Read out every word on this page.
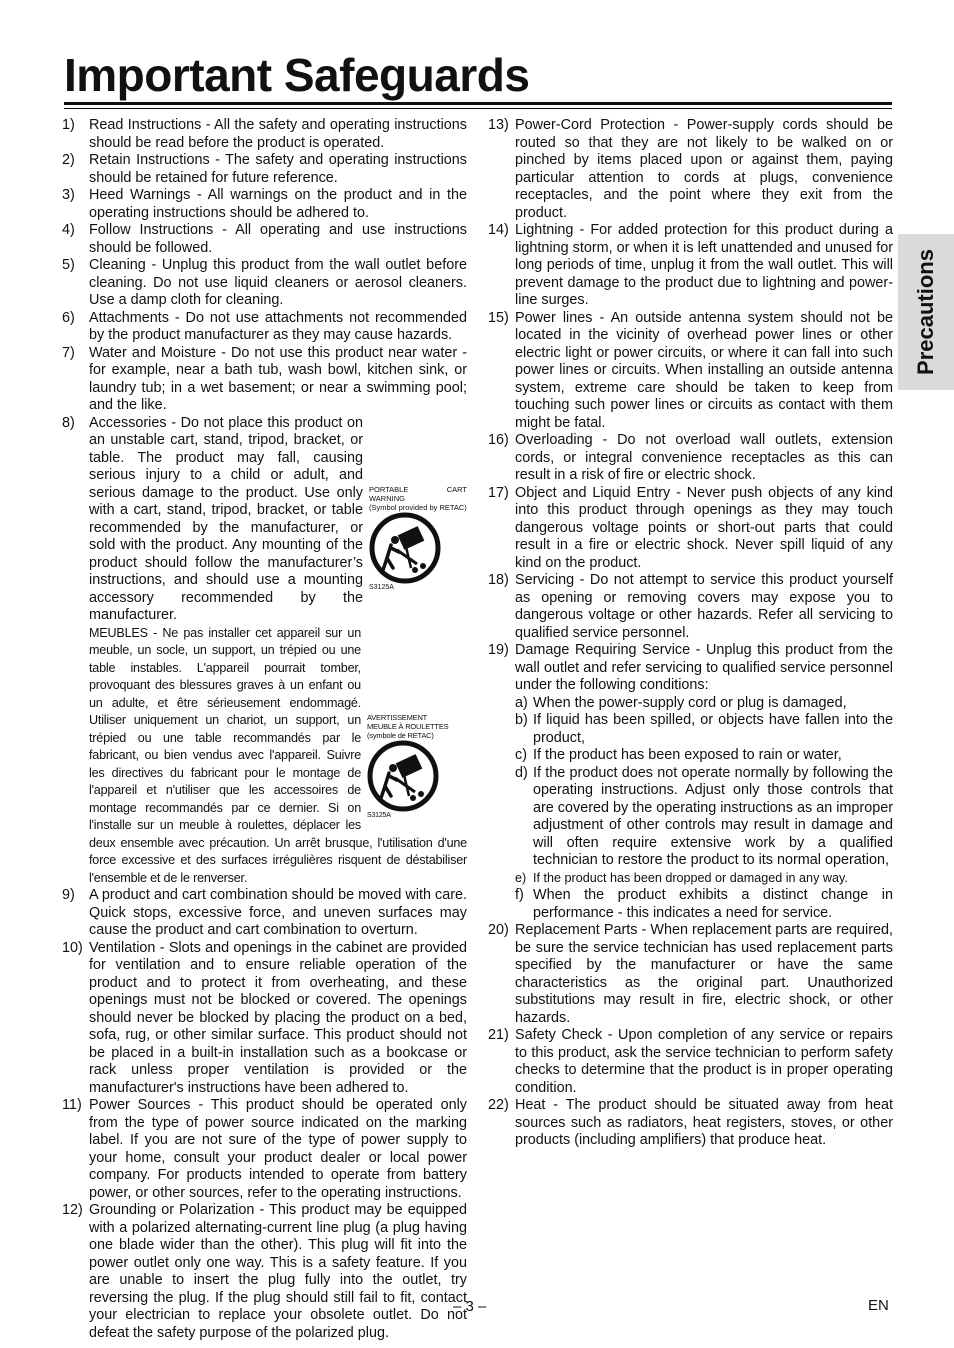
Important Safeguards
1) Read Instructions - All the safety and operating instructions should be read before the product is operated.
2) Retain Instructions - The safety and operating instructions should be retained for future reference.
3) Heed Warnings - All warnings on the product and in the operating instructions should be adhered to.
4) Follow Instructions - All operating and use instructions should be followed.
5) Cleaning - Unplug this product from the wall outlet before cleaning. Do not use liquid cleaners or aerosol cleaners. Use a damp cloth for cleaning.
6) Attachments - Do not use attachments not recommended by the product manufacturer as they may cause hazards.
7) Water and Moisture - Do not use this product near water - for example, near a bath tub, wash bowl, kitchen sink, or laundry tub; in a wet basement; or near a swimming pool; and the like.
8)
PORTABLE CART WARNING
(Symbol provided by RETAC)
S3125A
Accessories - Do not place this product on an unstable cart, stand, tripod, bracket, or table. The product may fall, causing serious injury to a child or adult, and serious damage to the product. Use only with a cart, stand, tripod, bracket, or table recommended by the manufacturer, or sold with the product. Any mounting of the product should follow the manufacturer’s instructions, and should use a mounting accessory recommended by the manufacturer.
AVERTISSEMENT
MEUBLE À ROULETTES
(symbole de RETAC)
S3125A
MEUBLES - Ne pas installer cet appareil sur un meuble, un socle, un support, un trépied ou une table instables. L'appareil pourrait tomber, provoquant des blessures graves à un enfant ou un adulte, et être sérieusement endommagé. Utiliser uniquement un chariot, un support, un trépied ou une table recommandés par le fabricant, ou bien vendus avec l'appareil. Suivre les directives du fabricant pour le montage de l'appareil et n'utiliser que les accessoires de montage recommandés par ce dernier. Si on l'installe sur un meuble à roulettes, déplacer les deux ensemble avec précaution. Un arrêt brusque, l'utilisation d'une force excessive et des surfaces irrégulières risquent de déstabiliser l'ensemble et de le renverser.
9) A product and cart combination should be moved with care. Quick stops, excessive force, and uneven surfaces may cause the product and cart combination to overturn.
10) Ventilation - Slots and openings in the cabinet are provided for ventilation and to ensure reliable operation of the product and to protect it from overheating, and these openings must not be blocked or covered. The openings should never be blocked by placing the product on a bed, sofa, rug, or other similar surface. This product should not be placed in a built-in installation such as a bookcase or rack unless proper ventilation is provided or the manufacturer's instructions have been adhered to.
11) Power Sources - This product should be operated only from the type of power source indicated on the marking label. If you are not sure of the type of power supply to your home, consult your product dealer or local power company. For products intended to operate from battery power, or other sources, refer to the operating instructions.
12) Grounding or Polarization - This product may be equipped with a polarized alternating-current line plug (a plug having one blade wider than the other). This plug will fit into the power outlet only one way. This is a safety feature. If you are unable to insert the plug fully into the outlet, try reversing the plug. If the plug should still fail to fit, contact your electrician to replace your obsolete outlet. Do not defeat the safety purpose of the polarized plug.
13) Power-Cord Protection - Power-supply cords should be routed so that they are not likely to be walked on or pinched by items placed upon or against them, paying particular attention to cords at plugs, convenience receptacles, and the point where they exit from the product.
14) Lightning - For added protection for this product during a lightning storm, or when it is left unattended and unused for long periods of time, unplug it from the wall outlet. This will prevent damage to the product due to lightning and power-line surges.
15) Power lines - An outside antenna system should not be located in the vicinity of overhead power lines or other electric light or power circuits, or where it can fall into such power lines or circuits. When installing an outside antenna system, extreme care should be taken to keep from touching such power lines or circuits as contact with them might be fatal.
16) Overloading - Do not overload wall outlets, extension cords, or integral convenience receptacles as this can result in a risk of fire or electric shock.
17) Object and Liquid Entry - Never push objects of any kind into this product through openings as they may touch dangerous voltage points or short-out parts that could result in a fire or electric shock. Never spill liquid of any kind on the product.
18) Servicing - Do not attempt to service this product yourself as opening or removing covers may expose you to dangerous voltage or other hazards. Refer all servicing to qualified service personnel.
19) Damage Requiring Service - Unplug this product from the wall outlet and refer servicing to qualified service personnel under the following conditions:
a) When the power-supply cord or plug is damaged,
b) If liquid has been spilled, or objects have fallen into the product,
c) If the product has been exposed to rain or water,
d) If the product does not operate normally by following the operating instructions. Adjust only those controls that are covered by the operating instructions as an improper adjustment of other controls may result in damage and will often require extensive work by a qualified technician to restore the product to its normal operation,
e) If the product has been dropped or damaged in any way.
f) When the product exhibits a distinct change in performance - this indicates a need for service.
20) Replacement Parts - When replacement parts are required, be sure the service technician has used replacement parts specified by the manufacturer or have the same characteristics as the original part. Unauthorized substitutions may result in fire, electric shock, or other hazards.
21) Safety Check - Upon completion of any service or repairs to this product, ask the service technician to perform safety checks to determine that the product is in proper operating condition.
22) Heat - The product should be situated away from heat sources such as radiators, heat registers, stoves, or other products (including amplifiers) that produce heat.
Precautions
– 3 –	EN
